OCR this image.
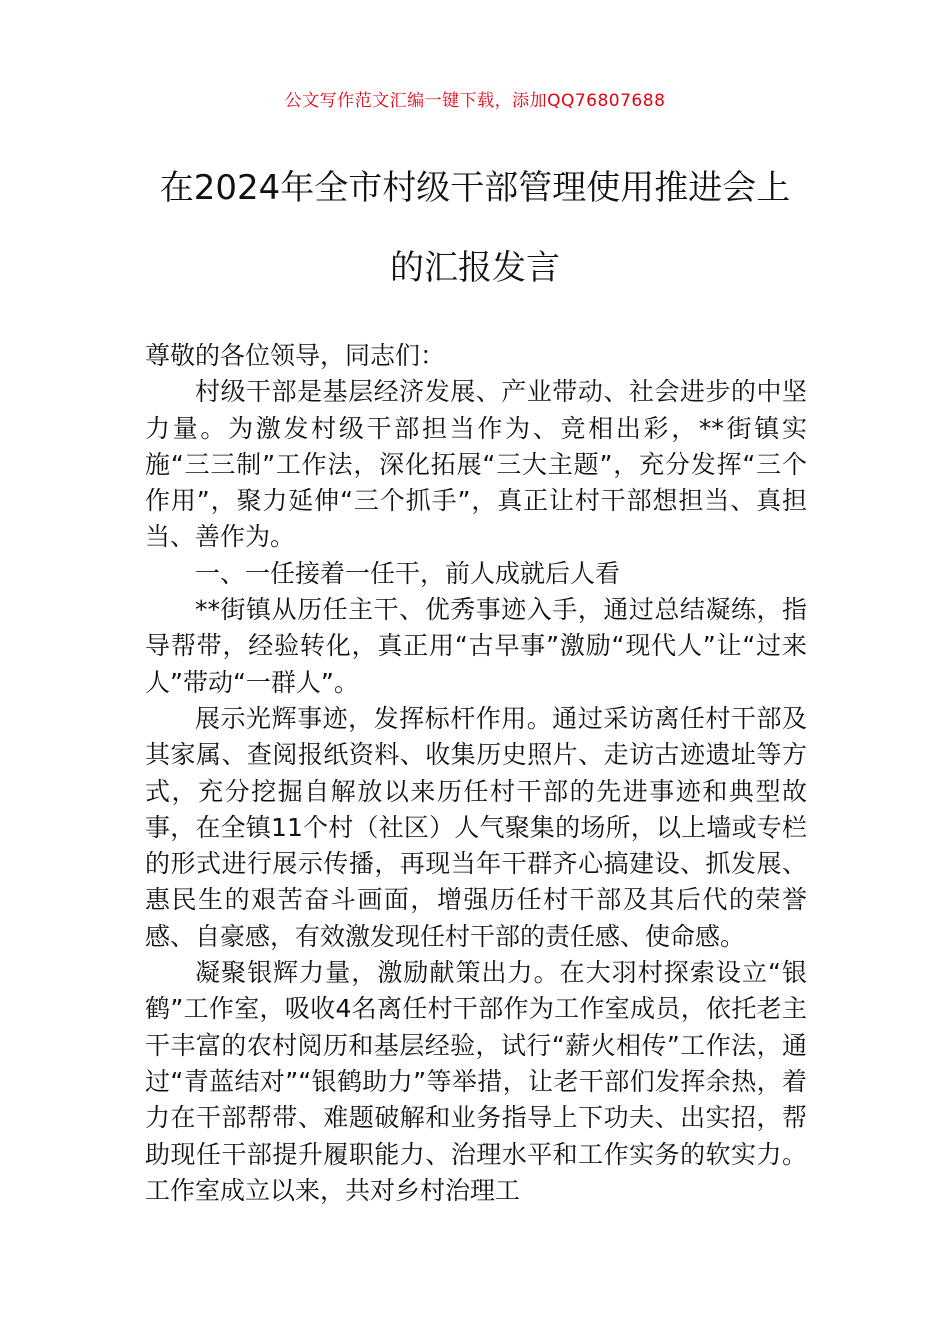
公文写作范文汇编一键下载，添加QQ76807688
在2024年全市村级干部管理使用推进会上
的汇报发言

尊敬的各位领导，同志们：

村级干部是基层经济发展、产业带动、社会进步的中坚力量。为激发村级干部担当作为、竞相出彩，**街镇实施“三三制”工作法，深化拓展“三大主题”，充分发挥“三个作用”，聚力延伸“三个抓手”，真正让村干部想担当、真担当、善作为。

一、一任接着一任干，前人成就后人看

**街镇从历任主干、优秀事迹入手，通过总结凝练，指导帮带，经验转化，真正用“古早事”激励“现代人”让“过来人”带动“一群人”。

展示光辉事迹，发挥标杆作用。通过采访离任村干部及其家属、查阅报纸资料、收集历史照片、走访古迹遗址等方式，充分挖掘自解放以来历任村干部的先进事迹和典型故事，在全镇11个村（社区）人气聚集的场所，以上墙或专栏的形式进行展示传播，再现当年干群齐心搞建设、抓发展、惠民生的艰苦奋斗画面，增强历任村干部及其后代的荣誉感、自豪感，有效激发现任村干部的责任感、使命感。

凝聚银辉力量，激励献策出力。在大羽村探索设立“银鹤”工作室，吸收4名离任村干部作为工作室成员，依托老主干丰富的农村阅历和基层经验，试行“薪火相传”工作法，通过“青蓝结对”“银鹤助力”等举措，让老干部们发挥余热，着力在干部帮带、难题破解和业务指导上下功夫、出实招，帮助现任干部提升履职能力、治理水平和工作实务的软实力。工作室成立以来，共对乡村治理工
